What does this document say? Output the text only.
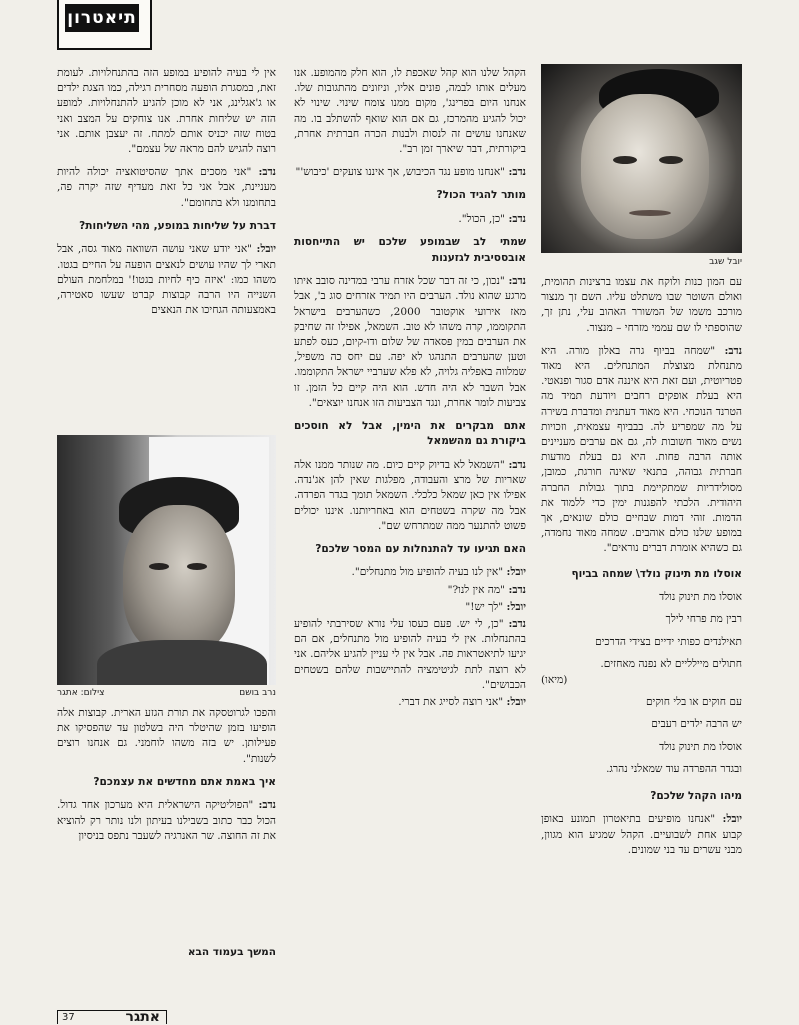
תיאטרון
יובל שגב
נרב בושם
צילום: אתגר

עם המון כנות ולוקח את עצמו ברצינות תהומית, ואולם השוטר שבו משתלט עליו. השם זך מנצור מורכב משמו של המשורר האהוב עלי, נתן זך, שהוספתי לו שם עממי מזרחי – מנצור.

נדב: "שמחה בביוף גרה באלון מורה. היא מתנחלת מצוצלת המתנחלים. היא מאוד פטריוטית, ועם זאת היא איננה אדם סגור ופנאטי. היא בעלת אופקים רחבים ויודעת תמיד מה הטרנד הנוכחי. היא מאוד דעתנית ומדברת בשירה על מה שמפריע לה. בבביוף עצמאית, וזכויות נשים מאוד חשובות לה, גם אם ערבים מעניינים אותה הרבה פחות. היא גם בעלת מודעות חברתית גבוהה, בתנאי שאינה חורגת, כמובן, מסולידריות שמתקיימת בתוך גבולות החברה היהודית. הלכתי להפגנות ימין כדי ללמוד את הדמות. זוהי דמות שבחיים כולם שונאים, אך במופע שלנו כולם אוהבים. שמחה מאוד נחמדה, גם כשהיא אומרת דברים נוראים".

אוסלו מת תינוק נולד\ שמחה בביוף
אוסלו מת תינוק נולד
רבין מת פרחי לילך
תאילנדים כפותי ידיים בצידי הדרכים
חתולים מיילליים לא נפנה מאחזים.
(מיאו)
עם חוקים או בלי חוקים
יש הרבה ילדים רעבים
אוסלו מת תינוק נולד
ובגדר ההפרדה עוד שמאלני נהרג.
מיהו הקהל שלכם?

יובל: "אנחנו מופיעים בתיאטרון תמונע באופן קבוע אחת לשבועיים. הקהל שמגיע הוא מגוון, מבני עשרים עד בני שמונים.

הקהל שלנו הוא קהל שאכפת לו, הוא חלק מהמופע. אנו מעלים אותו לבמה, פונים אליו, וניזונים מהתגובות שלו. אנחנו היום בפרינג', מקום ממנו צומח שינוי. שינוי לא יכול להגיע מהמרכז, גם אם הוא שואף להשתלב בו. מה שאנחנו עושים זה לנסות ולבנות הכרה חברתית אחרת, ביקורתית, דבר שיארך זמן רב".

נדב: "אנחנו מופע נגד הכיבוש, אך איננו צועקים 'כיבוש'"

מותר להגיד הכול?

נדב: "כן, הכול".

שמתי לב שבמופע שלכם יש התייחסות אובססיבית לגזענות

נדב: "נכון, כי זה דבר שכל אזרח ערבי במדינה סובב איתו מרגע שהוא נולד. הערבים היו תמיד אזרחים סוג ב', אבל מאז אירועי אוקטובר 2000, כשהערבים בישראל התקוממו, קרה משהו לא טוב. השמאל, אפילו זה שחיבק את הערבים במין פסאדה של שלום ודו-קיום, כעס לפתע וטען שהערבים התנהגו לא יפה. עם יחס כה משפיל, שמלווה באפליה גלויה, לא פלא שערביי ישראל התקוממו. אבל השבר לא היה חדש. הוא היה קיים כל הזמן. זו צביעות לומר אחרת, ונגד הצביעות הזו אנחנו יוצאים".

אתם מבקרים את הימין, אבל לא חוסכים ביקורת גם מהשמאל

נדב: "השמאל לא בדיוק קיים כיום. מה שנותר ממנו אלה שאריות של מרצ והעבודה, מפלגות שאין להן אג'נדה. אפילו אין כאן שמאל כלכלי. השמאל תומך בגדר הפרדה. אבל מה שקרה בשטחים הוא באחריותנו. איננו יכולים פשוט להתנער ממה שמתרחש שם".

האם תגיעו עד להתנחלות עם המסר שלכם?

יובל: "אין לנו בעיה להופיע מול מתנחלים".

נדב: "מה אין לנו?"

יובל: "לך יש!"

נדב: "כן, לי יש. פעם כעסו עלי נורא שסירבתי להופיע בהתנחלות. אין לי בעיה להופיע מול מתנחלים, אם הם יגיעו לתיאטראות פה. אבל אין לי עניין להגיע אליהם. אני לא רוצה לתת לגיטימציה להתיישבות שלהם בשטחים הכבושים".

יובל: "אני רוצה לסייג את דברי.

אין לי בעיה להופיע במופע הזה בהתנחלויות. לעומת זאת, במסגרת הופעה מסחרית רגילה, כמו הצגת ילדים או ג'אגלינג, אני לא מוכן להגיע להתנחלויות. למופע הזה יש שליחות אחרת. אנו צוחקים על המצב ואני בטוח שזה יכניס אותם למתח. זה יעצבן אותם. אני רוצה להגיש להם מראה של עצמם".

נדב: "אני מסכים אתך שהסיטואציה יכולה להיות מעניינת, אבל אני כל זאת מעדיף שזה יקרה פה, בתחומנו ולא בתחומם".

דברת על שליחות במופע, מהי השליחות?

יובל: "אני יודע שאני עושה השוואה מאוד גסה, אבל תארי לך שהיו עושים לנאצים הופעה על החיים בגטו. משהו כמו: 'איזה כיף לחיות בגטו!' במלחמת העולם השנייה היו הרבה קבוצות קברט שעשו סאטירה, באמצעותה הגחיכו את הנאצים

והפכו לגרוטסקה את תורת הגזע הארית. קבוצות אלה הופיעו בזמן שהיטלר היה בשלטון עד שהפסיקו את פעילותן. יש בזה משהו לוחמני. גם אנחנו רוצים לשנות".

איך באמת אתם מחדשים את עצמכם?

נדב: "הפוליטיקה הישראלית היא מערכון אחד גדול. הכול כבר כתוב בשבילנו בעיתון ולנו נותר רק להוציא את זה החוצה. שר האנרגיה לשעבר נתפס בניסיון

המשך בעמוד הבא
37	אתגר
